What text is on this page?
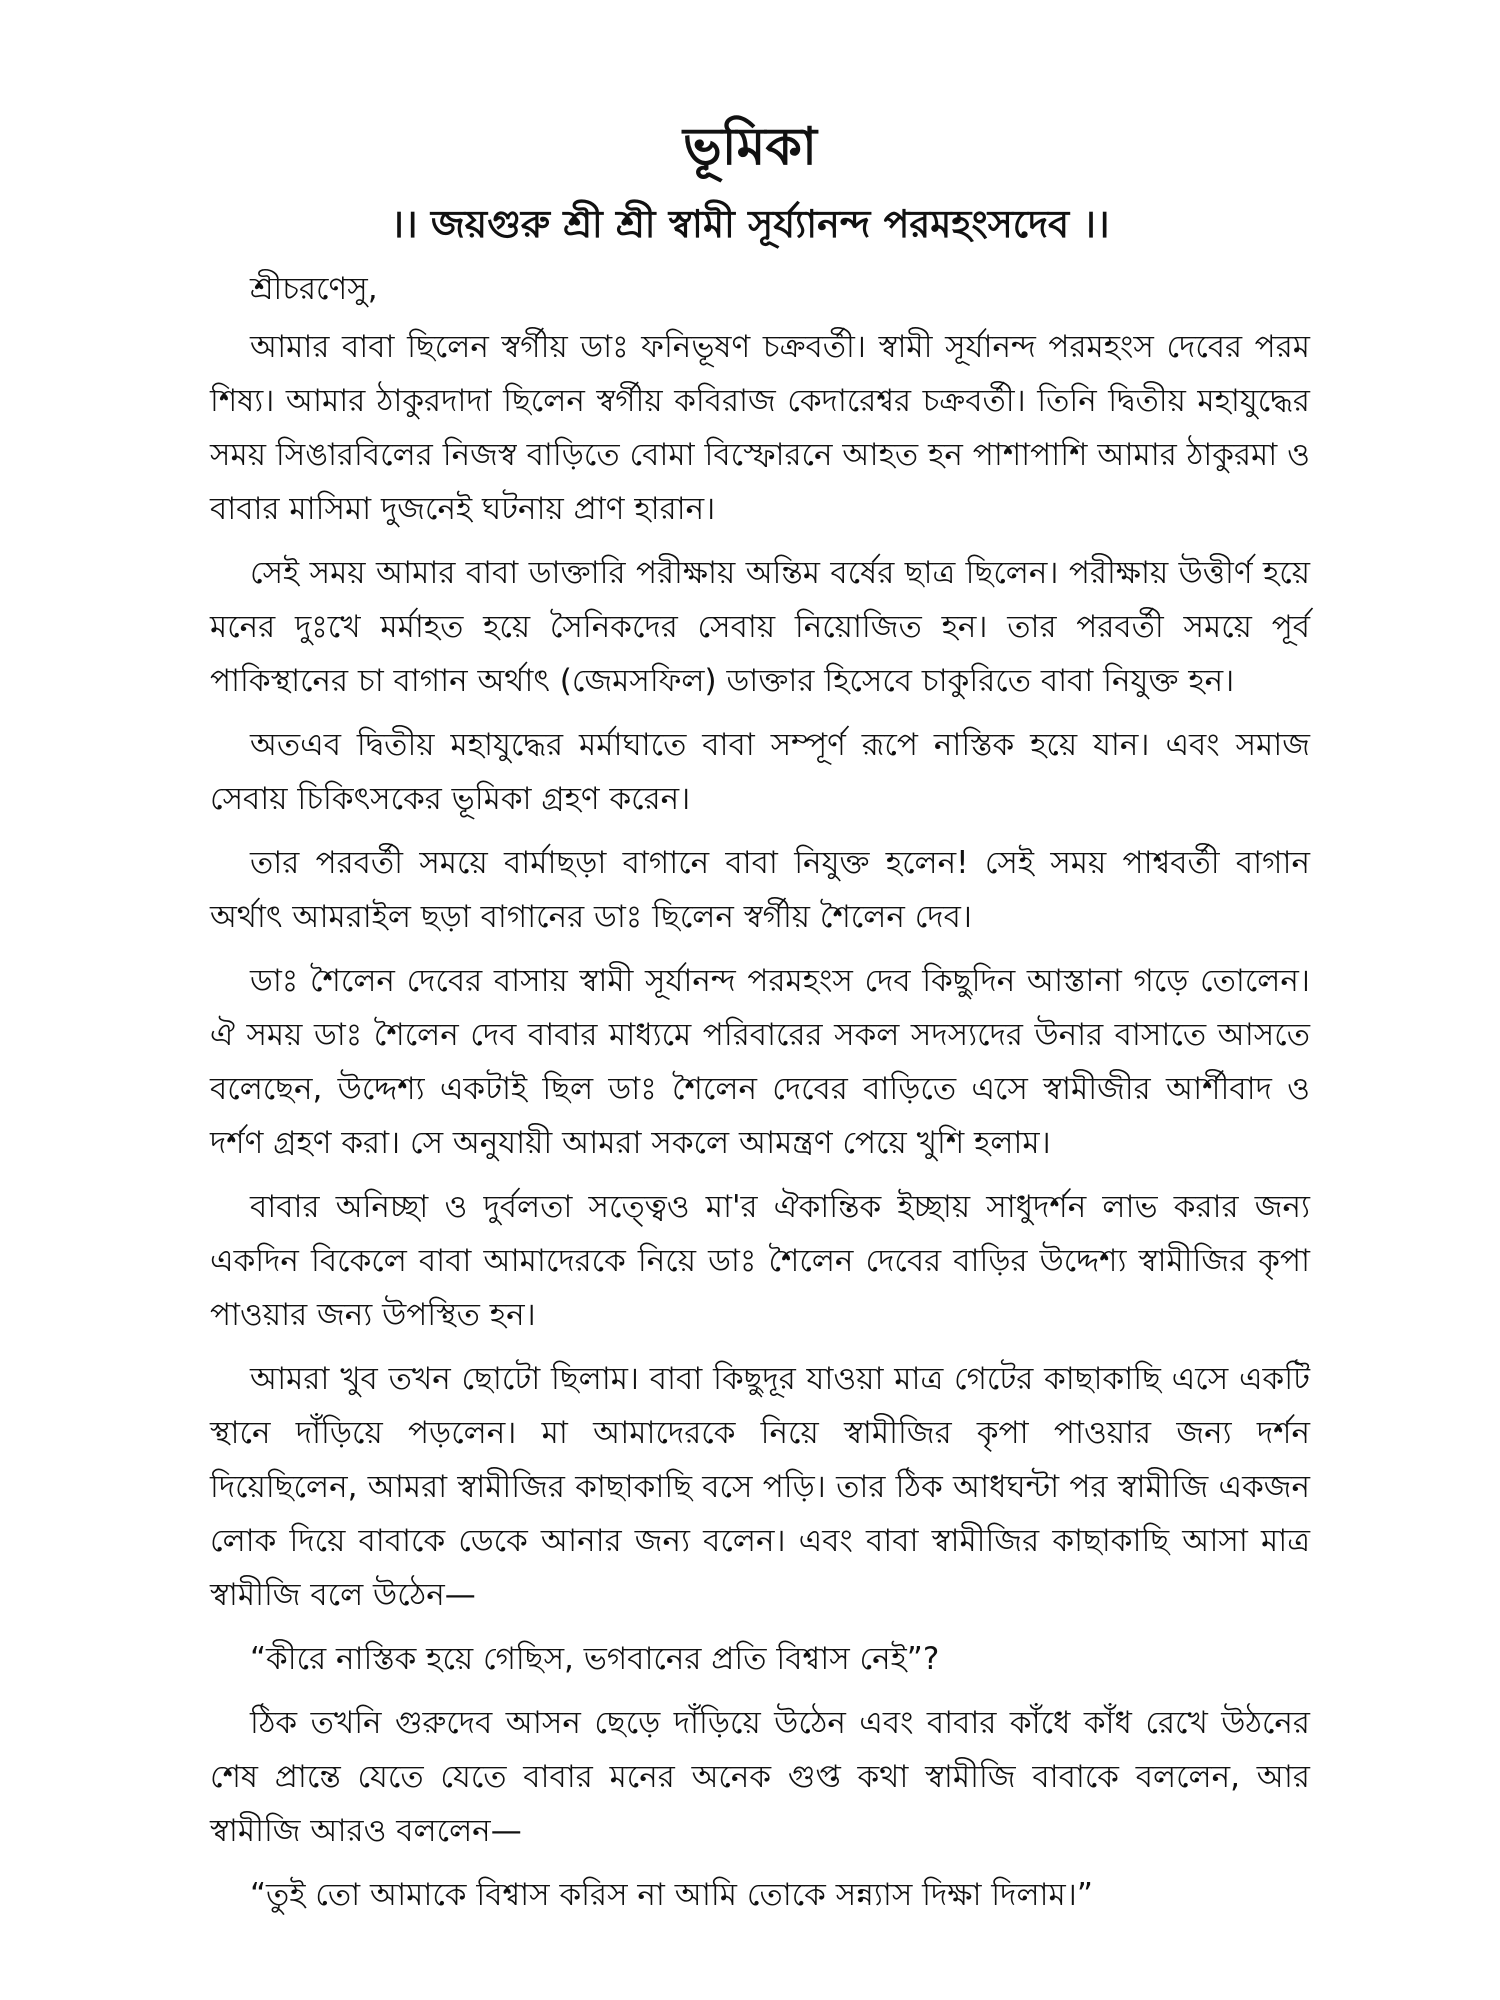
ভূমিকা
।। জয়গুরু শ্রী শ্রী স্বামী সূর্য্যানন্দ পরমহংসদেব ।।

শ্রীচরণেসু,

আমার বাবা ছিলেন স্বর্গীয় ডাঃ ফনিভূষণ চক্রবর্তী। স্বামী সূর্যানন্দ পরমহংস দেবের পরম শিষ্য। আমার ঠাকুরদাদা ছিলেন স্বর্গীয় কবিরাজ কেদারেশ্বর চক্রবর্তী। তিনি দ্বিতীয় মহাযুদ্ধের সময় সিঙারবিলের নিজস্ব বাড়িতে বোমা বিস্ফোরনে আহত হন পাশাপাশি আমার ঠাকুরমা ও বাবার মাসিমা দুজনেই ঘটনায় প্রাণ হারান।

সেই সময় আমার বাবা ডাক্তারি পরীক্ষায় অন্তিম বর্ষের ছাত্র ছিলেন। পরীক্ষায় উত্তীর্ণ হয়ে মনের দুঃখে মর্মাহত হয়ে সৈনিকদের সেবায় নিয়োজিত হন। তার পরবর্তী সময়ে পূর্ব পাকিস্থানের চা বাগান অর্থাৎ (জেমসফিল) ডাক্তার হিসেবে চাকুরিতে বাবা নিযুক্ত হন।

অতএব দ্বিতীয় মহাযুদ্ধের মর্মাঘাতে বাবা সম্পূর্ণ রূপে নাস্তিক হয়ে যান। এবং সমাজ সেবায় চিকিৎসকের ভূমিকা গ্রহণ করেন।

তার পরবর্তী সময়ে বার্মাছড়া বাগানে বাবা নিযুক্ত হলেন! সেই সময় পাশ্ববর্তী বাগান অর্থাৎ আমরাইল ছড়া বাগানের ডাঃ ছিলেন স্বর্গীয় শৈলেন দেব।

ডাঃ শৈলেন দেবের বাসায় স্বামী সূর্যানন্দ পরমহংস দেব কিছুদিন আস্তানা গড়ে তোলেন। ঐ সময় ডাঃ শৈলেন দেব বাবার মাধ্যমে পরিবারের সকল সদস্যদের উনার বাসাতে আসতে বলেছেন, উদ্দেশ্য একটাই ছিল ডাঃ শৈলেন দেবের বাড়িতে এসে স্বামীজীর আর্শীবাদ ও দর্শণ গ্রহণ করা। সে অনুযায়ী আমরা সকলে আমন্ত্রণ পেয়ে খুশি হলাম।

বাবার অনিচ্ছা ও দুর্বলতা সত্ত্বেও মা'র ঐকান্তিক ইচ্ছায় সাধুদর্শন লাভ করার জন্য একদিন বিকেলে বাবা আমাদেরকে নিয়ে ডাঃ শৈলেন দেবের বাড়ির উদ্দেশ্য স্বামীজির কৃপা পাওয়ার জন্য উপস্থিত হন।

আমরা খুব তখন ছোটো ছিলাম। বাবা কিছুদূর যাওয়া মাত্র গেটের কাছাকাছি এসে একটি স্থানে দাঁড়িয়ে পড়লেন। মা আমাদেরকে নিয়ে স্বামীজির কৃপা পাওয়ার জন্য দর্শন দিয়েছিলেন, আমরা স্বামীজির কাছাকাছি বসে পড়ি। তার ঠিক আধঘন্টা পর স্বামীজি একজন লোক দিয়ে বাবাকে ডেকে আনার জন্য বলেন। এবং বাবা স্বামীজির কাছাকাছি আসা মাত্র স্বামীজি বলে উঠেন—

“কীরে নাস্তিক হয়ে গেছিস, ভগবানের প্রতি বিশ্বাস নেই”?

ঠিক তখনি গুরুদেব আসন ছেড়ে দাঁড়িয়ে উঠেন এবং বাবার কাঁধে কাঁধ রেখে উঠনের শেষ প্রান্তে যেতে যেতে বাবার মনের অনেক গুপ্ত কথা স্বামীজি বাবাকে বললেন, আর স্বামীজি আরও বললেন—

“তুই তো আমাকে বিশ্বাস করিস না আমি তোকে সন্ন্যাস দিক্ষা দিলাম।”
